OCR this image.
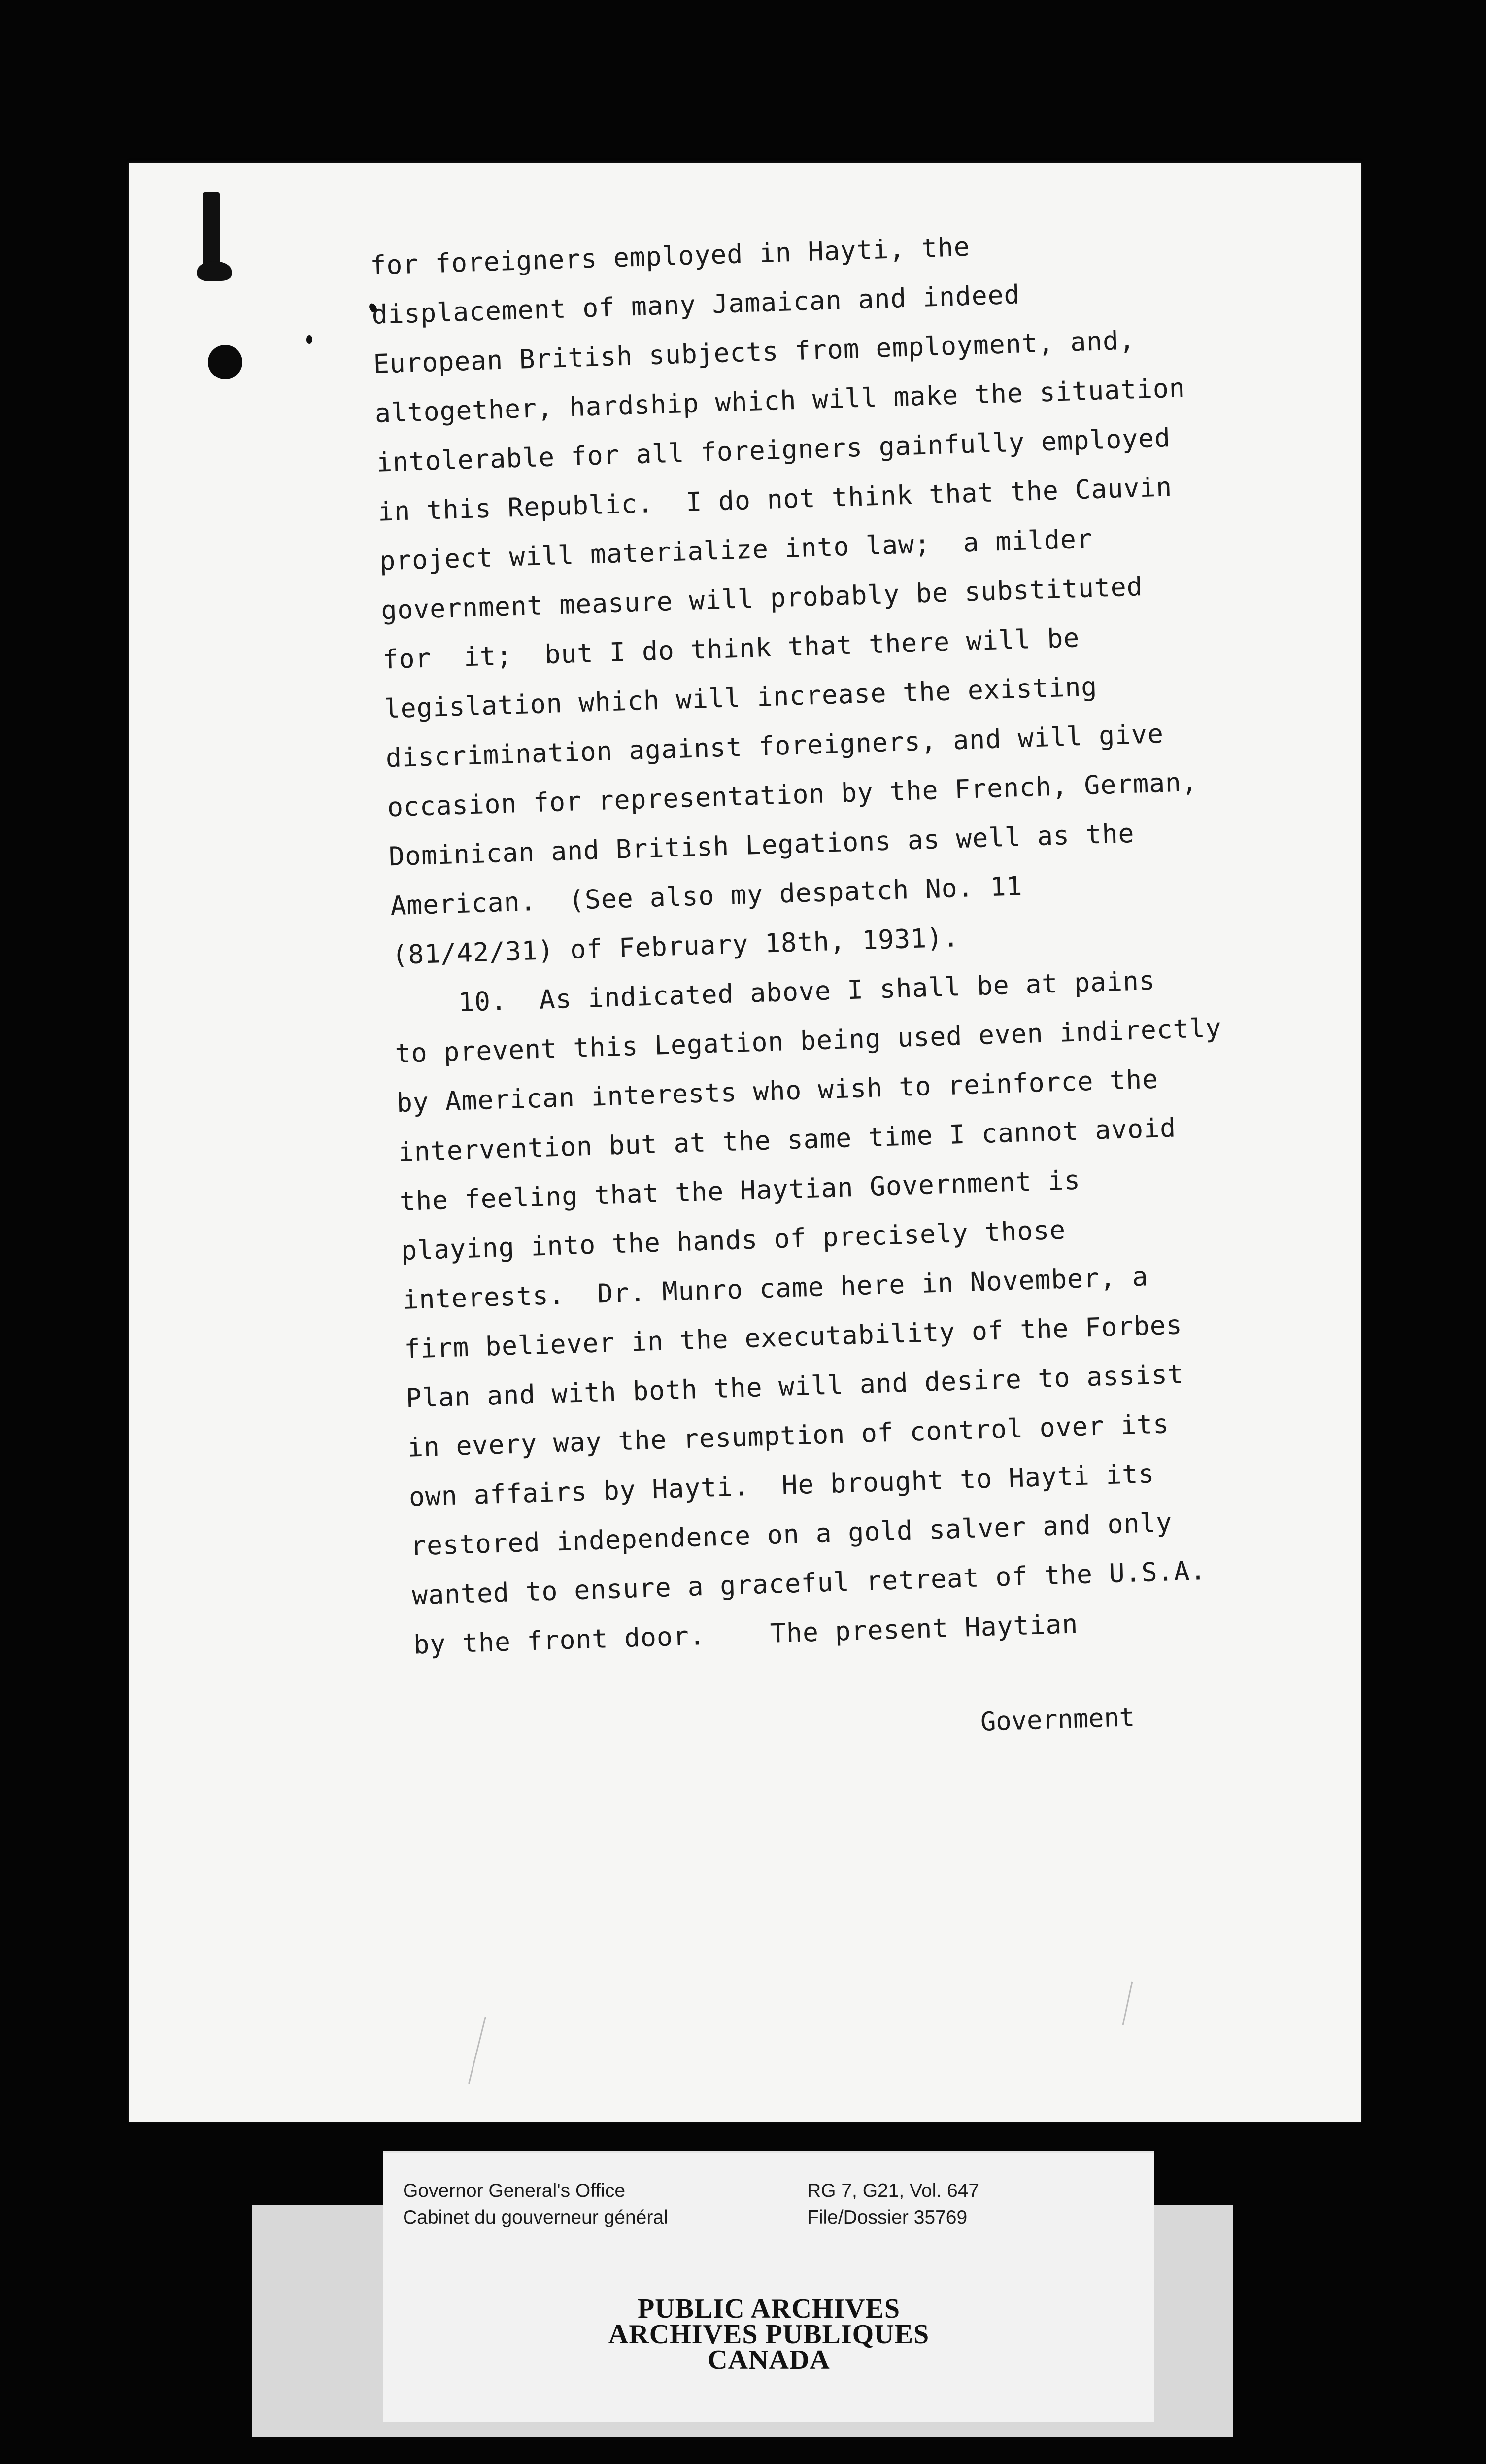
for foreigners employed in Hayti, the
displacement of many Jamaican and indeed
European British subjects from employment, and,
altogether, hardship which will make the situation
intolerable for all foreigners gainfully employed
in this Republic.  I do not think that the Cauvin
project will materialize into law;  a milder
government measure will probably be substituted
for  it;  but I do think that there will be
legislation which will increase the existing
discrimination against foreigners, and will give
occasion for representation by the French, German,
Dominican and British Legations as well as the
American.  (See also my despatch No. 11
(81/42/31) of February 18th, 1931).
10.  As indicated above I shall be at pains
to prevent this Legation being used even indirectly
by American interests who wish to reinforce the
intervention but at the same time I cannot avoid
the feeling that the Haytian Government is
playing into the hands of precisely those
interests.  Dr. Munro came here in November, a
firm believer in the executability of the Forbes
Plan and with both the will and desire to assist
in every way the resumption of control over its
own affairs by Hayti.  He brought to Hayti its
restored independence on a gold salver and only
wanted to ensure a graceful retreat of the U.S.A.
by the front door.    The present Haytian
Government
Governor General's Office
Cabinet du gouverneur général
RG 7, G21, Vol. 647
File/Dossier 35769
PUBLIC ARCHIVES
ARCHIVES PUBLIQUES
CANADA
